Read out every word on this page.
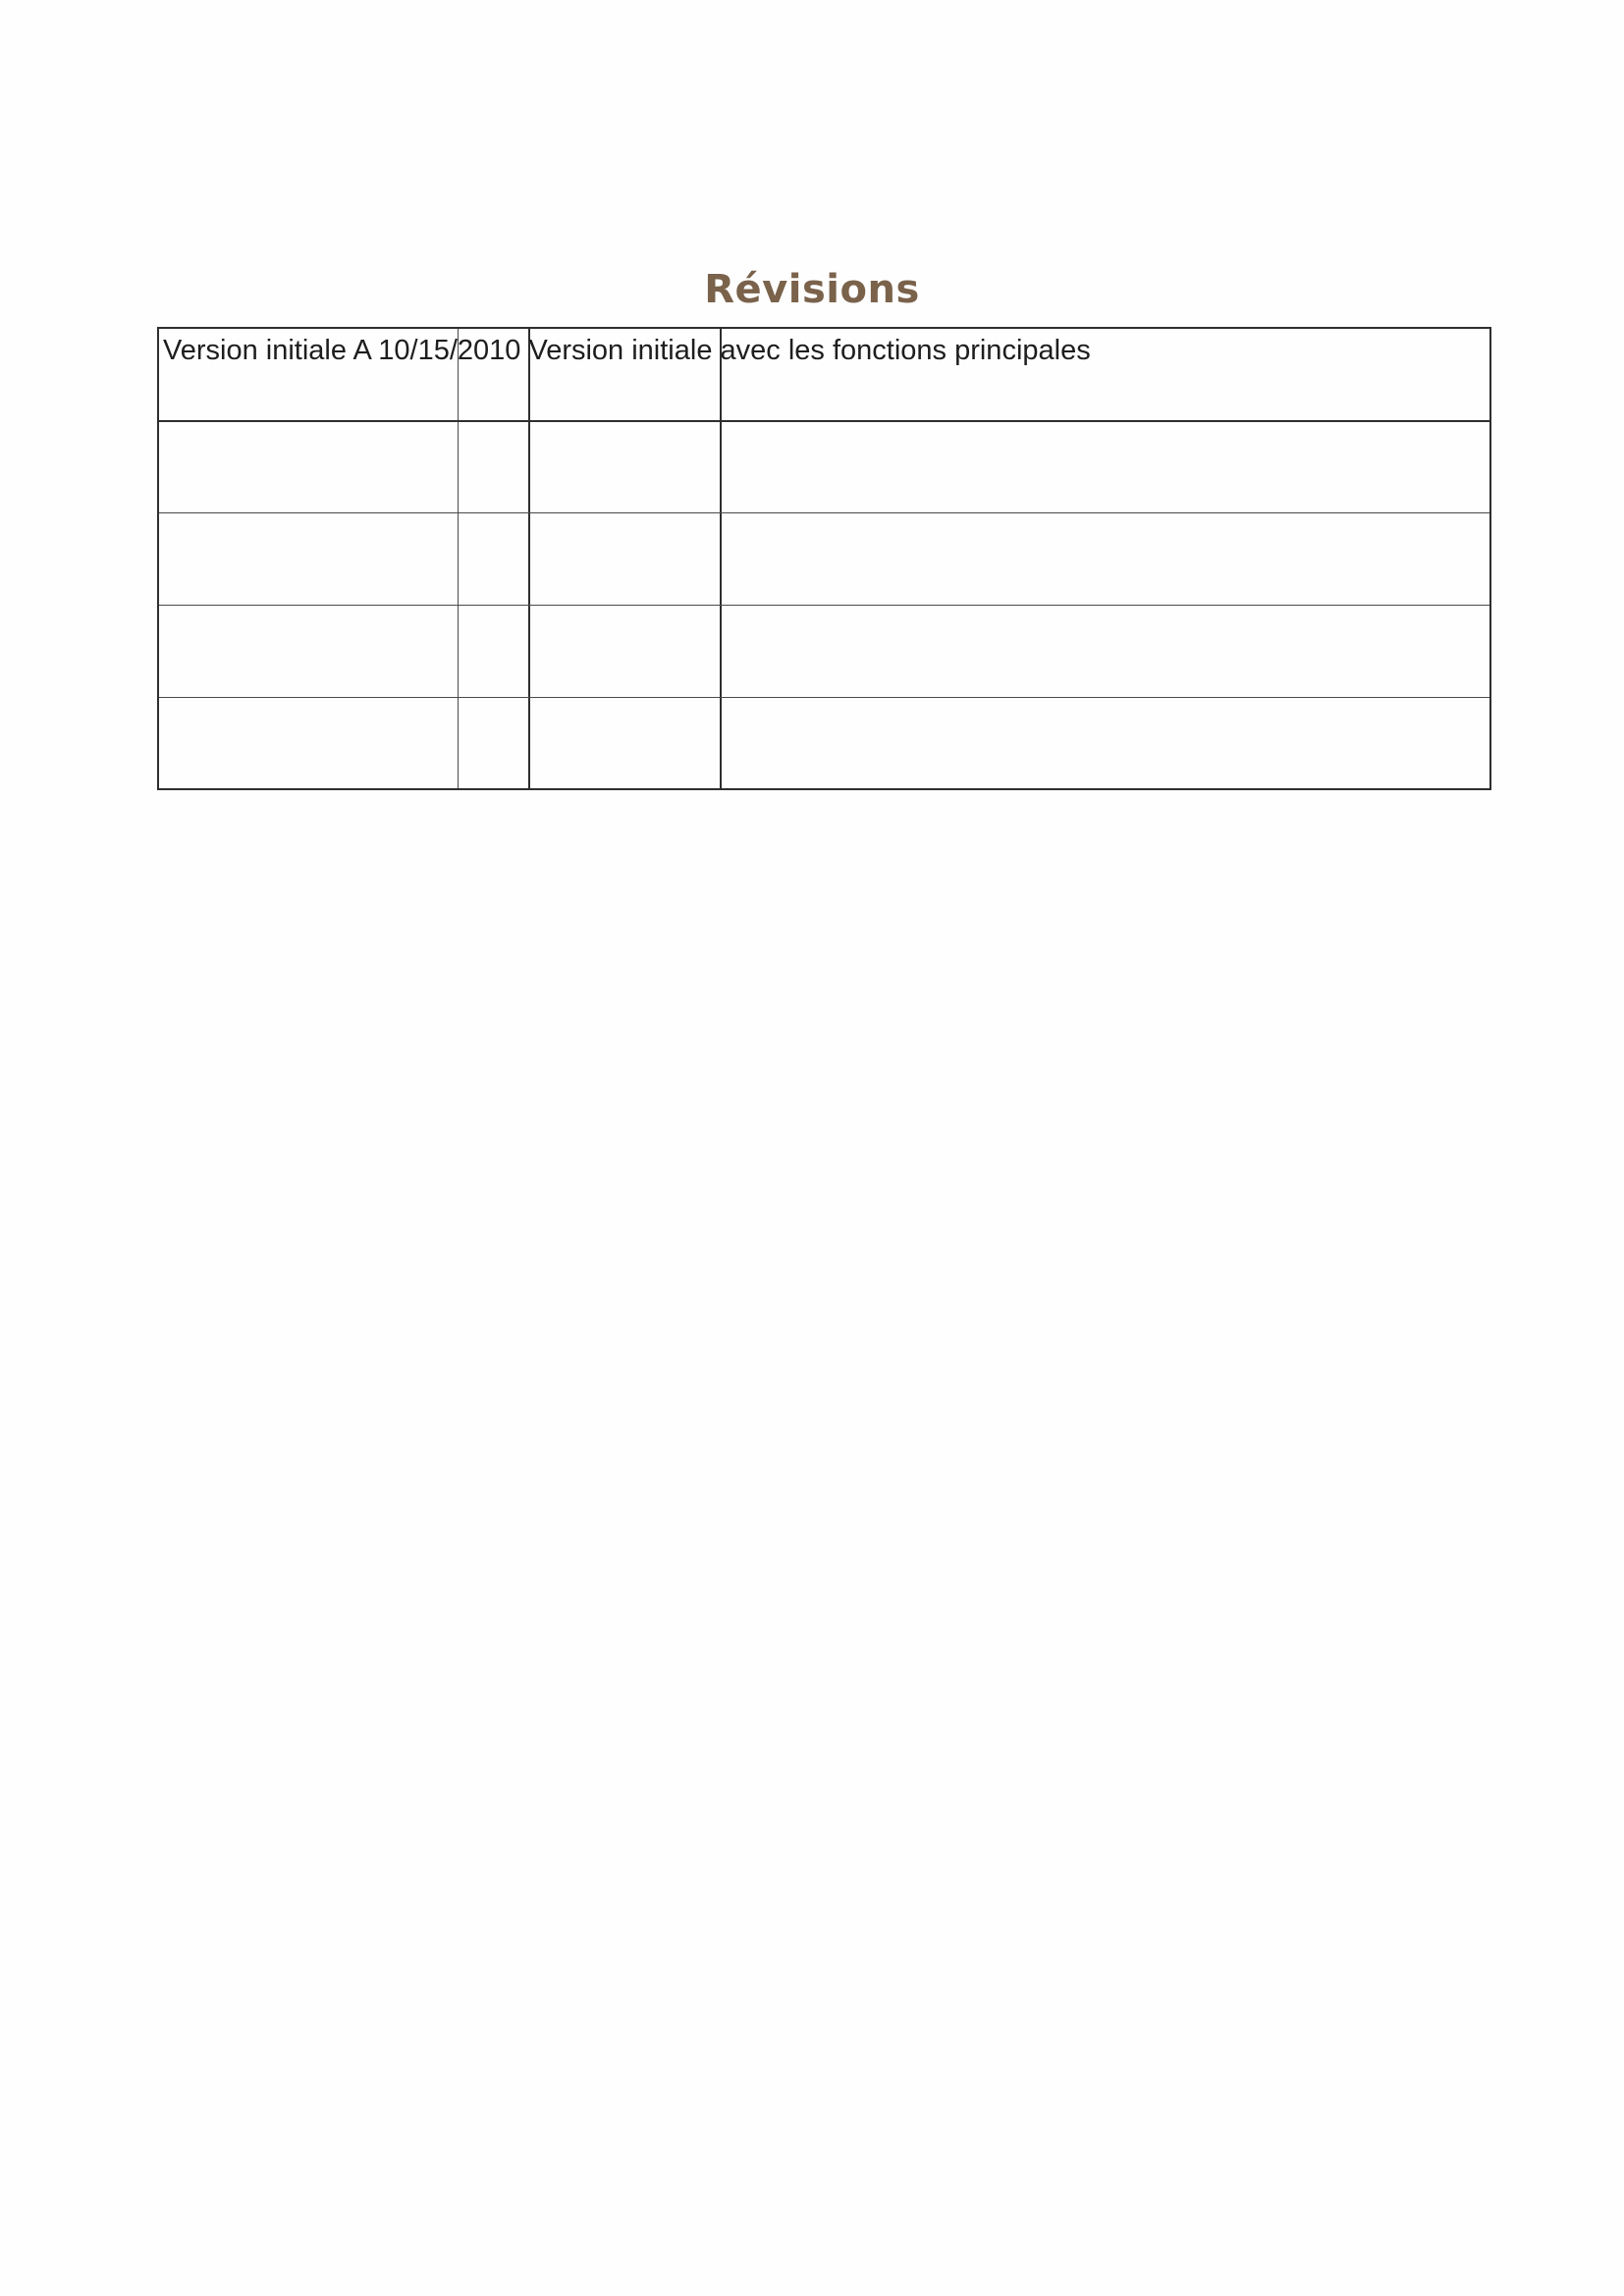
Révisions
Version initiale A 10/15/2010 Version initiale avec les fonctions principales
